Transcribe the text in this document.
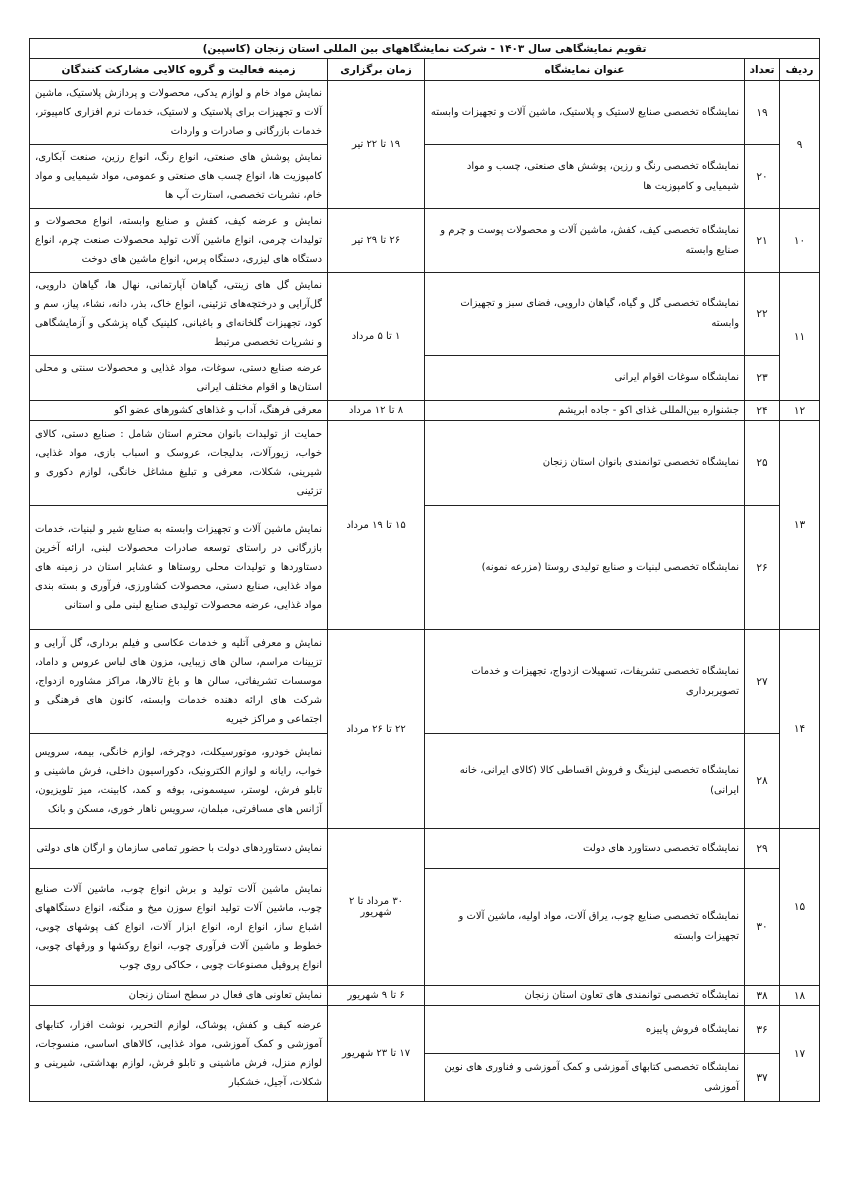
تقویم نمایشگاهی سال ۱۴۰۳ - شرکت نمایشگاههای بین المللی استان زنجان (کاسپین)				
ردیف	تعداد	عنوان نمایشگاه	زمان برگزاری	زمینه فعالیت و گروه کالایی مشارکت کنندگان
۹	۱۹	نمایشگاه تخصصی صنایع لاستیک و پلاستیک، ماشین آلات و تجهیزات وابسته	۱۹ تا ۲۲ تیر	نمایش مواد خام و لوازم یدکی، محصولات و پردازش پلاستیک، ماشین آلات و تجهیزات برای پلاستیک و لاستیک، خدمات نرم افزاری کامپیوتر، خدمات بازرگانی و صادرات و واردات
	۲۰	نمایشگاه تخصصی رنگ و رزین، پوشش های صنعتی، چسب و مواد شیمیایی و کامپوزیت ها		نمایش پوشش های صنعتی، انواع رنگ، انواع رزین، صنعت آبکاری، کامپوزیت ها، انواع چسب های صنعتی و عمومی، مواد شیمیایی و مواد خام، نشریات تخصصی، استارت آپ ها
۱۰	۲۱	نمایشگاه تخصصی کیف، کفش، ماشین آلات و محصولات پوست و چرم و صنایع وابسته	۲۶ تا ۲۹ تیر	نمایش و عرضه کیف، کفش و صنایع وابسته، انواع محصولات و تولیدات چرمی، انواع ماشین آلات تولید محصولات صنعت چرم، انواع دستگاه های لیزری، دستگاه پرس، انواع ماشین های دوخت
۱۱	۲۲	نمایشگاه تخصصی گل و گیاه، گیاهان دارویی، فضای سبز و تجهیزات وابسته	۱ تا ۵ مرداد	نمایش گل های زینتی، گیاهان آپارتمانی، نهال ها، گیاهان دارویی، گل‌آرایی و درختچه‌های تزئینی، انواع خاک، بذر، دانه، نشاء، پیاز، سم و کود، تجهیزات گلخانه‌ای و باغبانی، کلینیک گیاه پزشکی و آزمایشگاهی و نشریات تخصصی مرتبط
	۲۳	نمایشگاه سوغات اقوام ایرانی		عرضه صنایع دستی، سوغات، مواد غذایی و محصولات سنتی و محلی استان‌ها و اقوام مختلف ایرانی
۱۲	۲۴	جشنواره بین‌المللی غذای اکو - جاده ابریشم	۸ تا ۱۲ مرداد	معرفی فرهنگ، آداب و غذاهای کشورهای عضو اکو
۱۳	۲۵	نمایشگاه تخصصی توانمندی بانوان استان زنجان	۱۵ تا ۱۹ مرداد	حمایت از تولیدات بانوان محترم استان شامل : صنایع دستی، کالای خواب، زیورآلات، بدلیجات، عروسک و اسباب بازی، مواد غذایی، شیرینی، شکلات، معرفی و تبلیغ مشاغل خانگی، لوازم دکوری و تزئینی
	۲۶	نمایشگاه تخصصی لبنیات و صنایع تولیدی روستا (مزرعه نمونه)		نمایش ماشین آلات و تجهیزات وابسته به صنایع شیر و لبنیات، خدمات بازرگانی در راستای توسعه صادرات محصولات لبنی، ارائه آخرین دستاوردها و تولیدات محلی روستاها و عشایر استان در زمینه های مواد غذایی، صنایع دستی، محصولات کشاورزی، فرآوری و بسته بندی مواد غذایی، عرضه محصولات تولیدی صنایع لبنی ملی و استانی
۱۴	۲۷	نمایشگاه تخصصی تشریفات، تسهیلات ازدواج، تجهیزات و خدمات تصویربرداری	۲۲ تا ۲۶ مرداد	نمایش و معرفی آتلیه و خدمات عکاسی و فیلم برداری، گل آرایی و تزیینات مراسم، سالن های زیبایی، مزون های لباس عروس و داماد، موسسات تشریفاتی، سالن ها و باغ تالارها، مراکز مشاوره ازدواج، شرکت های ارائه دهنده خدمات وابسته، کانون های فرهنگی و اجتماعی و مراکز خیریه
	۲۸	نمایشگاه تخصصی لیزینگ و فروش اقساطی کالا (کالای ایرانی، خانه ایرانی)		نمایش خودرو، موتورسیکلت، دوچرخه، لوازم خانگی، بیمه، سرویس خواب، رایانه و لوازم الکترونیک، دکوراسیون داخلی، فرش ماشینی و تابلو فرش، لوستر، سیسمونی، بوفه و کمد، کابینت، میز تلویزیون، آژانس های مسافرتی، مبلمان، سرویس ناهار خوری، مسکن و بانک
۱۵	۲۹	نمایشگاه تخصصی دستاورد های دولت	۳۰ مرداد تا ۲ شهریور	نمایش دستاوردهای دولت با حضور تمامی سازمان و ارگان های دولتی
	۳۰	نمایشگاه تخصصی صنایع چوب، یراق آلات، مواد اولیه، ماشین آلات و تجهیزات وابسته		نمایش ماشین آلات تولید و برش انواع چوب، ماشین آلات صنایع چوب، ماشین آلات تولید انواع سوزن میخ و منگنه، انواع دستگاههای اشباع ساز، انواع اره، انواع ابزار آلات، انواع کف پوشهای چوبی، خطوط و ماشین آلات فرآوری چوب، انواع روکشها و ورقهای چوبی، انواع پروفیل مصنوعات چوبی ، حکاکی روی چوب
۱۸	۳۸	نمایشگاه تخصصی توانمندی های تعاون استان زنجان	۶ تا ۹ شهریور	نمایش تعاونی های فعال در سطح استان زنجان
۱۷	۳۶	نمایشگاه فروش پاییزه	۱۷ تا ۲۳ شهریور	عرضه کیف و کفش، پوشاک، لوازم التحریر، نوشت افزار، کتابهای آموزشی و کمک آموزشی، مواد غذایی، کالاهای اساسی، منسوجات، لوازم منزل، فرش ماشینی و تابلو فرش، لوازم بهداشتی، شیرینی و شکلات، آجیل، خشکبار
	۳۷	نمایشگاه تخصصی کتابهای آموزشی و کمک آموزشی و فناوری های نوین آموزشی		
